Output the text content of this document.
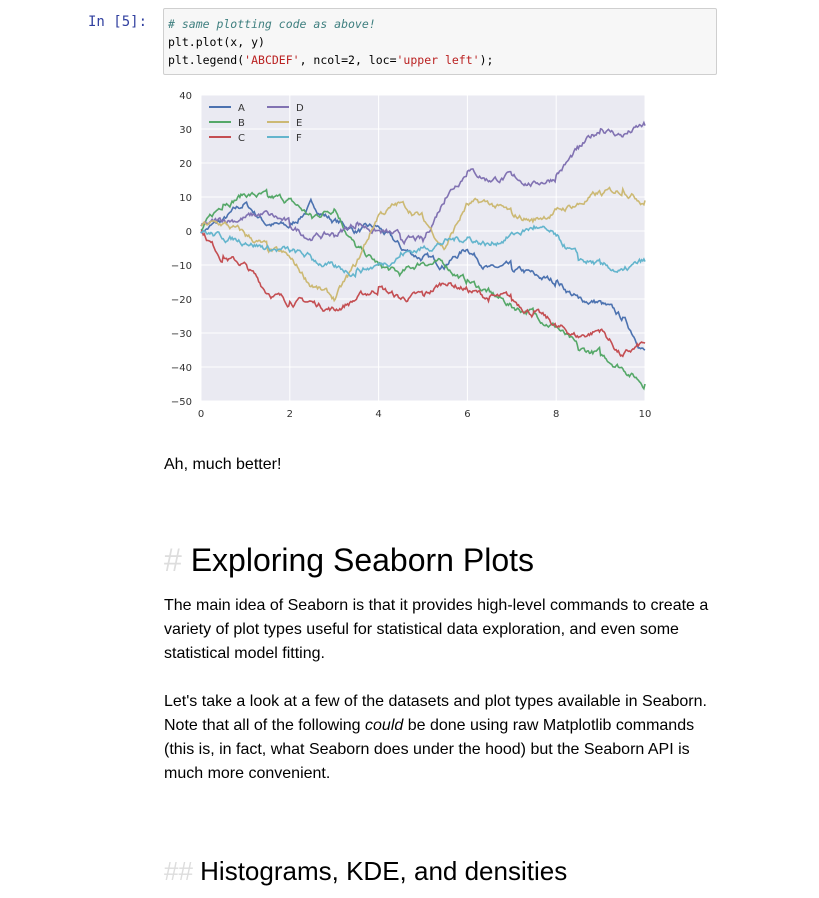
In [5]: # same plotting code as above!
plt.plot(x, y)
plt.legend('ABCDEF', ncol=2, loc='upper left');
0	2	4	6	8	10
40
30
20
10
0
−10
−20
−30
−40
−50
A
B
C
D
E
F
Ah, much better!
# Exploring Seaborn Plots
The main idea of Seaborn is that it provides high-level commands to create a variety of plot types useful for statistical data exploration, and even some statistical model fitting.
Let's take a look at a few of the datasets and plot types available in Seaborn. Note that all of the following could be done using raw Matplotlib commands (this is, in fact, what Seaborn does under the hood) but the Seaborn API is much more convenient.
## Histograms, KDE, and densities
